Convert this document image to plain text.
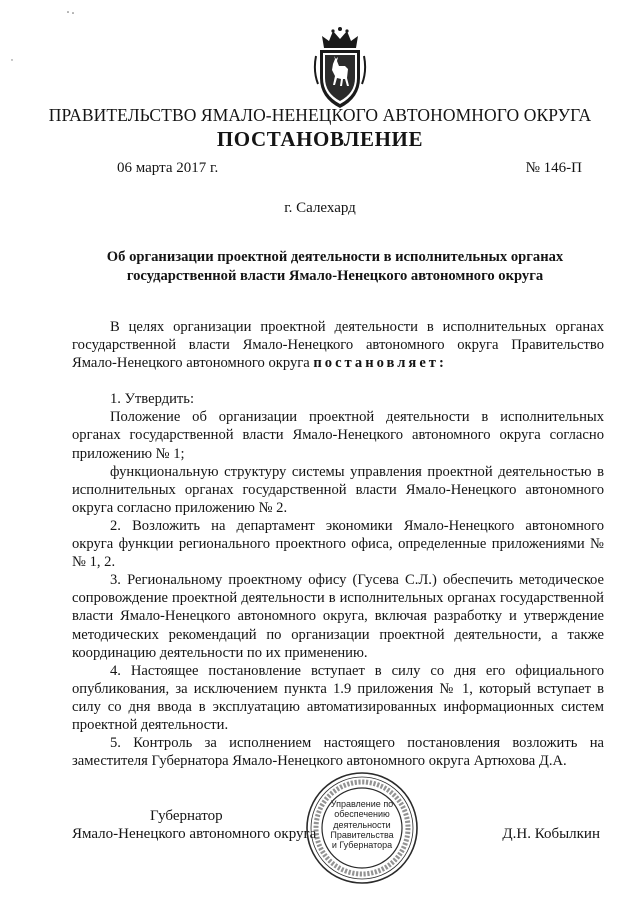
ПРАВИТЕЛЬСТВО ЯМАЛО-НЕНЕЦКОГО АВТОНОМНОГО ОКРУГА
ПОСТАНОВЛЕНИЕ
06 марта 2017 г.	№ 146-П
г. Салехард
Об организации проектной деятельности в исполнительных органах
государственной власти Ямало-Ненецкого автономного округа

В целях организации проектной деятельности в исполнительных органах государственной власти Ямало-Ненецкого автономного округа Правительство Ямало-Ненецкого автономного округа постановляет:

1. Утвердить:

Положение об организации проектной деятельности в исполнительных органах государственной власти Ямало-Ненецкого автономного округа согласно приложению № 1;

функциональную структуру системы управления проектной деятельностью в исполнительных органах государственной власти Ямало-Ненецкого автономного округа согласно приложению № 2.

2. Возложить на департамент экономики Ямало-Ненецкого автономного округа функции регионального проектного офиса, определенные приложениями №№ 1, 2.

3. Региональному проектному офису (Гусева С.Л.) обеспечить методическое сопровождение проектной деятельности в исполнительных органах государственной власти Ямало-Ненецкого автономного округа, включая разработку и утверждение методических рекомендаций по организации проектной деятельности, а также координацию деятельности по их применению.

4. Настоящее постановление вступает в силу со дня его официального опубликования, за исключением пункта 1.9 приложения № 1, который вступает в силу со дня ввода в эксплуатацию автоматизированных информационных систем проектной деятельности.

5. Контроль за исполнением настоящего постановления возложить на заместителя Губернатора Ямало-Ненецкого автономного округа Артюхова Д.А.

Губернатор
Ямало-Ненецкого автономного округа	Д.Н. Кобылкин
Управление по
обеспечению
деятельности
Правительства
и Губернатора
